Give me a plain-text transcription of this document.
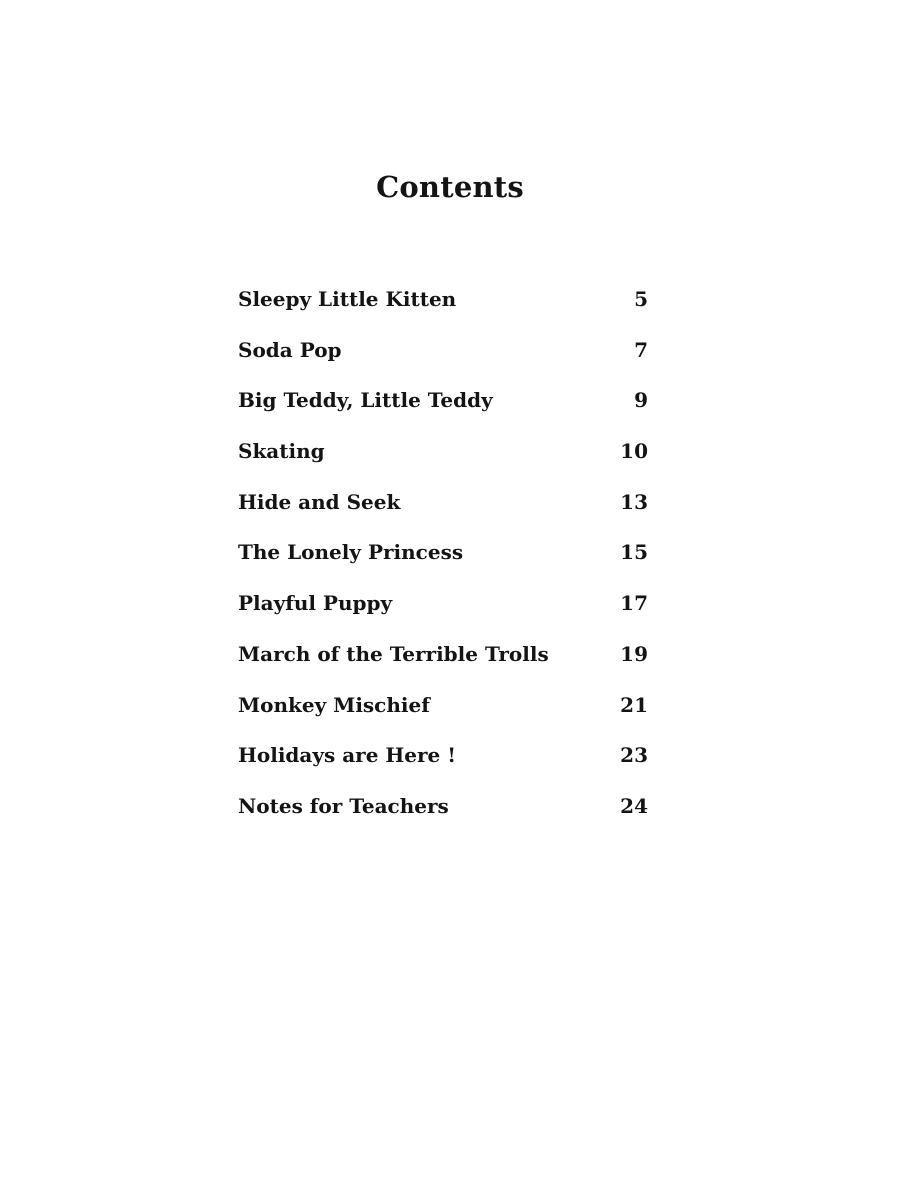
Contents
Sleepy Little Kitten	5
Soda Pop	7
Big Teddy, Little Teddy	9
Skating	10
Hide and Seek	13
The Lonely Princess	15
Playful Puppy	17
March of the Terrible Trolls	19
Monkey Mischief	21
Holidays are Here !	23
Notes for Teachers	24
